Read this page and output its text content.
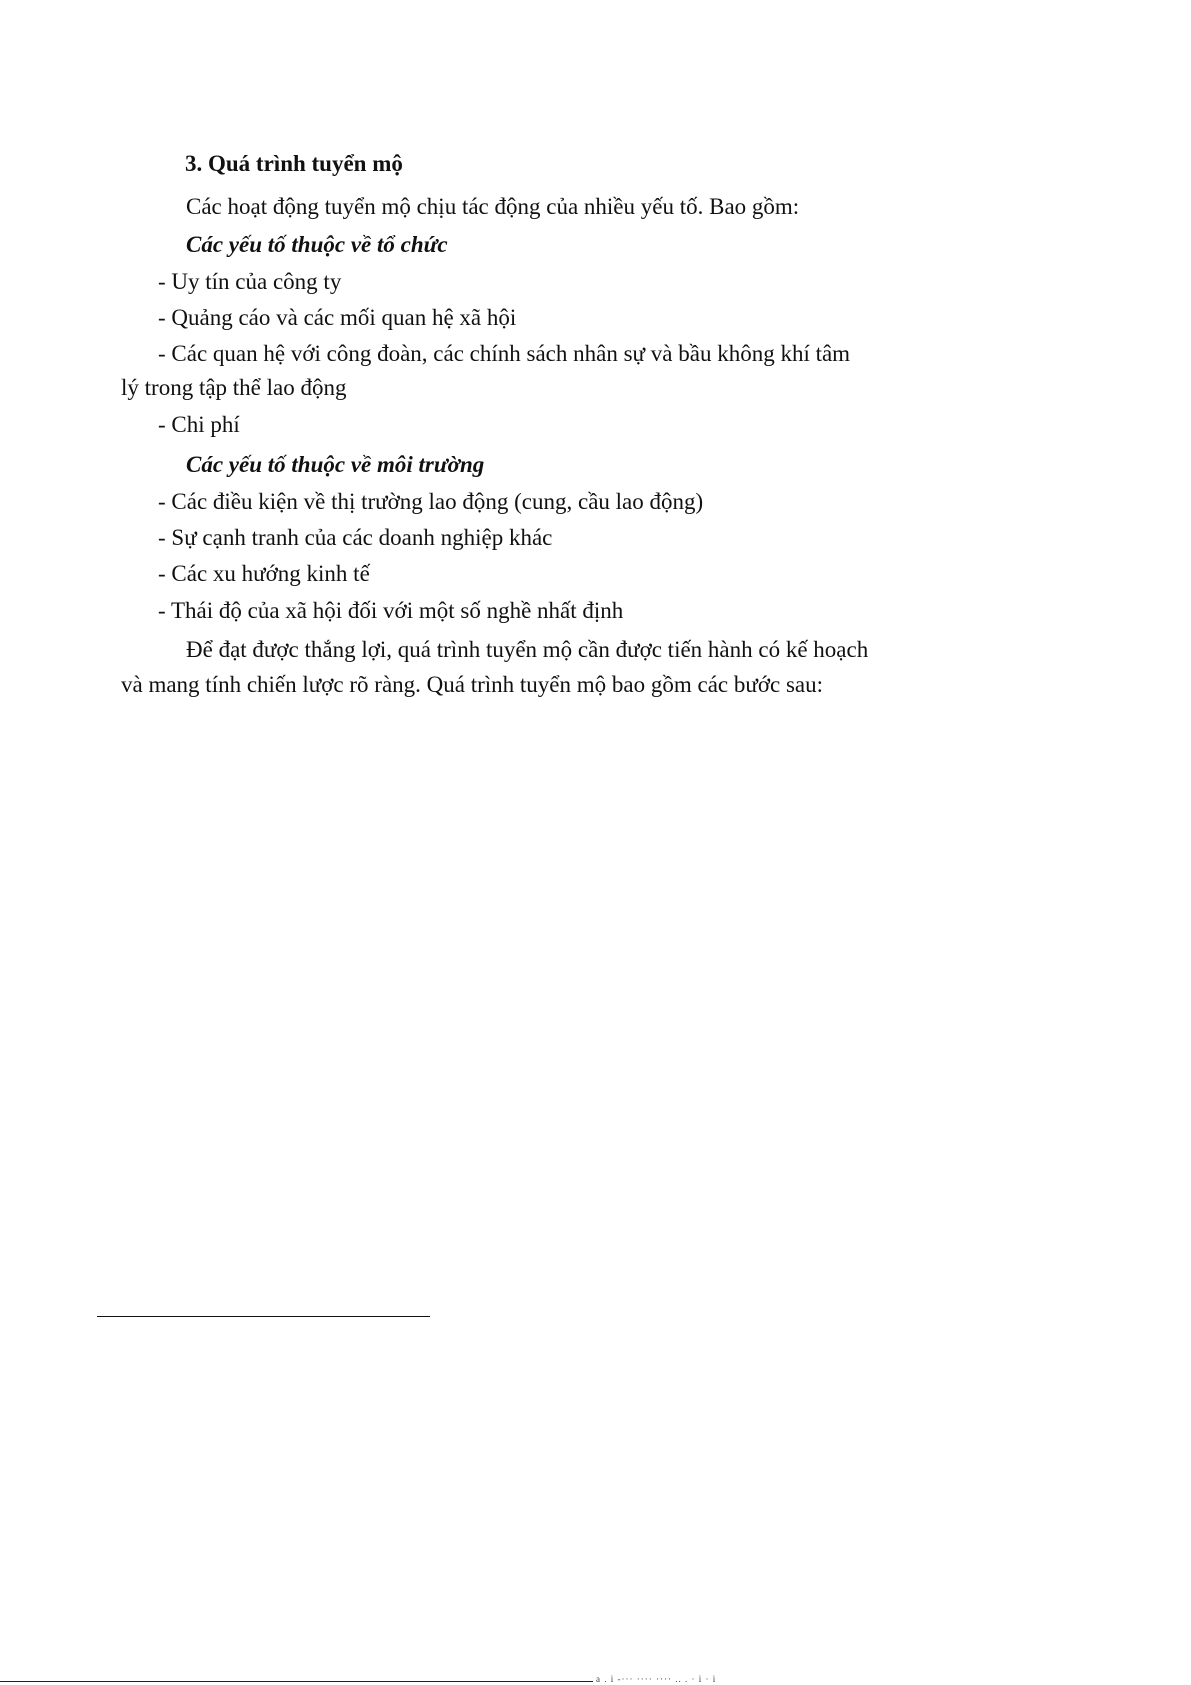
3. Quá trình tuyển mộ
Các hoạt động tuyển mộ chịu tác động của nhiều yếu tố. Bao gồm:
Các yếu tố thuộc về tổ chức
- Uy tín của công ty
- Quảng cáo và các mối quan hệ xã hội
- Các quan hệ với công đoàn, các chính sách nhân sự và bầu không khí tâm
lý trong tập thể lao động
- Chi phí
Các yếu tố thuộc về môi trường
- Các điều kiện về thị trường lao động (cung, cầu lao động)
- Sự cạnh tranh của các doanh nghiệp khác
- Các xu hướng kinh tế
- Thái độ của xã hội đối với một số nghề nhất định
Để đạt được thắng lợi, quá trình tuyển mộ cần được tiến hành có kế hoạch
và mang tính chiến lược rõ ràng. Quá trình tuyển mộ bao gồm các bước sau:
a . i -··· ···· ···· .. . · i · i
